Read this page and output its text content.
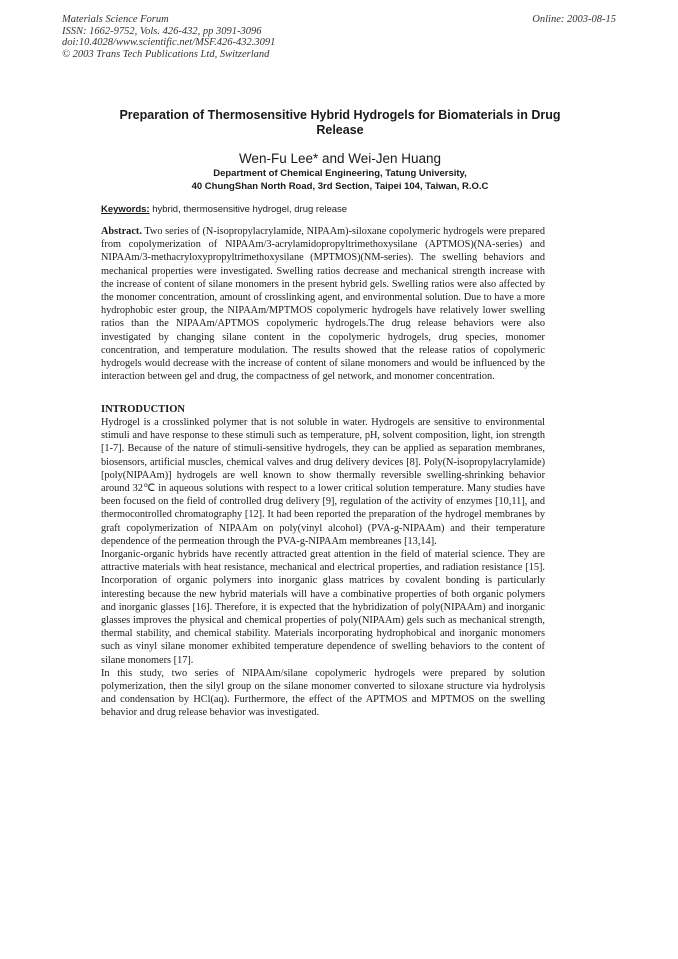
Materials Science Forum
ISSN: 1662-9752, Vols. 426-432, pp 3091-3096
doi:10.4028/www.scientific.net/MSF.426-432.3091
© 2003 Trans Tech Publications Ltd, Switzerland
Online: 2003-08-15
Preparation of Thermosensitive Hybrid Hydrogels for Biomaterials in Drug Release
Wen-Fu Lee* and Wei-Jen Huang
Department of Chemical Engineering, Tatung University,
40 ChungShan North Road, 3rd Section, Taipei 104, Taiwan, R.O.C
Keywords: hybrid, thermosensitive hydrogel, drug release
Abstract. Two series of (N-isopropylacrylamide, NIPAAm)-siloxane copolymeric hydrogels were prepared from copolymerization of NIPAAm/3-acrylamidopropyltrimethoxysilane (APTMOS)(NA-series) and NIPAAm/3-methacryloxypropyltrimethoxysilane (MPTMOS)(NM-series). The swelling behaviors and mechanical properties were investigated. Swelling ratios decrease and mechanical strength increase with the increase of content of silane monomers in the present hybrid gels. Swelling ratios were also affected by the monomer concentration, amount of crosslinking agent, and environmental solution. Due to have a more hydrophobic ester group, the NIPAAm/MPTMOS copolymeric hydrogels have relatively lower swelling ratios than the NIPAAm/APTMOS copolymeric hydrogels.The drug release behaviors were also investigated by changing silane content in the copolymeric hydrogels, drug species, monomer concentration, and temperature modulation. The results showed that the release ratios of copolymeric hydrogels would decrease with the increase of content of silane monomers and would be influenced by the interaction between gel and drug, the compactness of gel network, and monomer concentration.
INTRODUCTION

Hydrogel is a crosslinked polymer that is not soluble in water. Hydrogels are sensitive to environmental stimuli and have response to these stimuli such as temperature, pH, solvent composition, light, ion strength [1-7]. Because of the nature of stimuli-sensitive hydrogels, they can be applied as separation membranes, biosensors, artificial muscles, chemical valves and drug delivery devices [8]. Poly(N-isopropylacrylamide) [poly(NIPAAm)] hydrogels are well known to show thermally reversible swelling-shrinking behavior around 32℃ in aqueous solutions with respect to a lower critical solution temperature. Many studies have been focused on the field of controlled drug delivery [9], regulation of the activity of enzymes [10,11], and thermocontrolled chromatography [12]. It had been reported the preparation of the hydrogel membranes by graft copolymerization of NIPAAm on poly(vinyl alcohol) (PVA-g-NIPAAm) and their temperature dependence of the permeation through the PVA-g-NIPAAm membreanes [13,14].

Inorganic-organic hybrids have recently attracted great attention in the field of material science. They are attractive materials with heat resistance, mechanical and electrical properties, and radiation resistance [15]. Incorporation of organic polymers into inorganic glass matrices by covalent bonding is particularly interesting because the new hybrid materials will have a combinative properties of both organic polymers and inorganic glasses [16]. Therefore, it is expected that the hybridization of poly(NIPAAm) and inorganic glasses improves the physical and chemical properties of poly(NIPAAm) gels such as mechanical strength, thermal stability, and chemical stability. Materials incorporating hydrophobical and inorganic monomers such as vinyl silane monomer exhibited temperature dependence of swelling behaviors to the content of silane monomers [17].

In this study, two series of NIPAAm/silane copolymeric hydrogels were prepared by solution polymerization, then the silyl group on the silane monomer converted to siloxane structure via hydrolysis and condensation by HCl(aq). Furthermore, the effect of the APTMOS and MPTMOS on the swelling behavior and drug release behavior was investigated.
